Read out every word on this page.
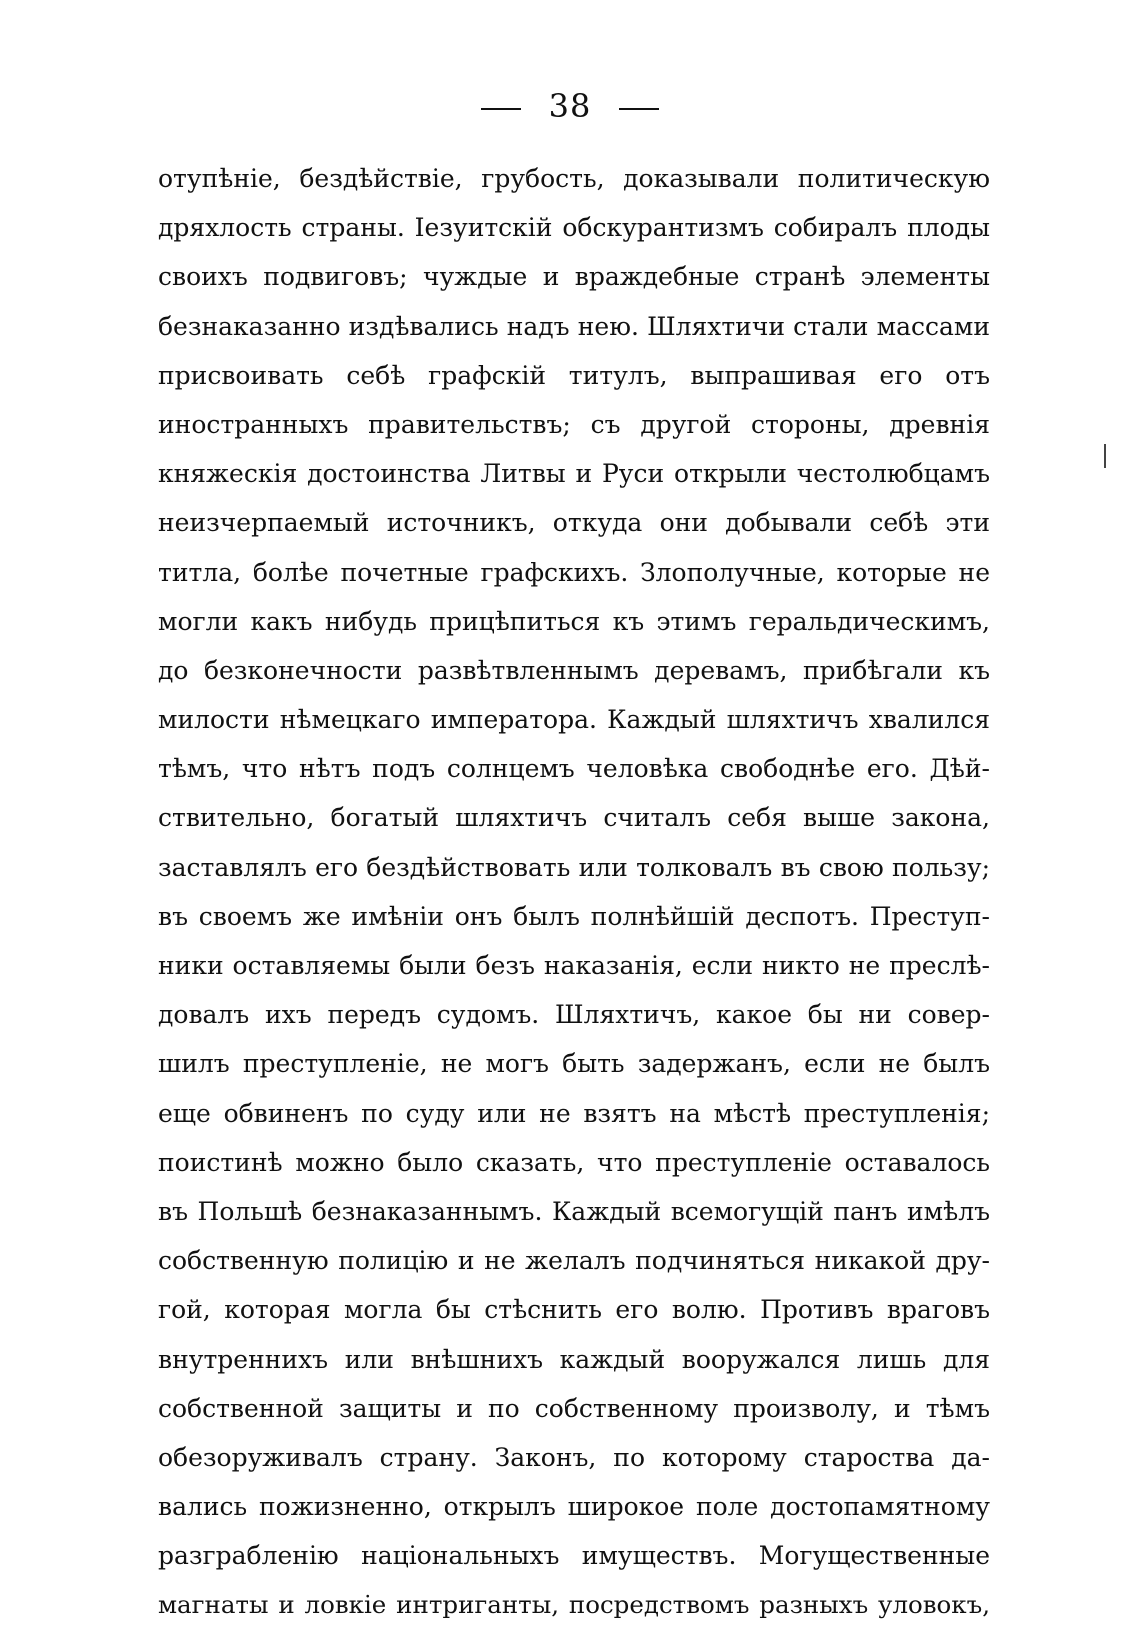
38
отупѣніе, бездѣйствіе, грубость, доказывали политическую
дряхлость страны. Іезуитскій обскурантизмъ собиралъ плоды
своихъ подвиговъ; чуждые и враждебные странѣ элементы
безнаказанно издѣвались надъ нею. Шляхтичи стали массами
присвоивать себѣ графскій титулъ, выпрашивая его отъ
иностранныхъ правительствъ; съ другой стороны, древнія
княжескія достоинства Литвы и Руси открыли честолюбцамъ
неизчерпаемый источникъ, откуда они добывали себѣ эти
титла, болѣе почетные графскихъ. Злополучные, которые не
могли какъ нибудь прицѣпиться къ этимъ геральдическимъ,
до безконечности развѣтвленнымъ деревамъ, прибѣгали къ
милости нѣмецкаго императора. Каждый шляхтичъ хвалился
тѣмъ, что нѣтъ подъ солнцемъ человѣка свободнѣе его. Дѣй-
ствительно, богатый шляхтичъ считалъ себя выше закона,
заставлялъ его бездѣйствовать или толковалъ въ свою пользу;
въ своемъ же имѣніи онъ былъ полнѣйшій деспотъ. Преступ-
ники оставляемы были безъ наказанія, если никто не преслѣ-
довалъ ихъ передъ судомъ. Шляхтичъ, какое бы ни совер-
шилъ преступленіе, не могъ быть задержанъ, если не былъ
еще обвиненъ по суду или не взятъ на мѣстѣ преступленія;
поистинѣ можно было сказать, что преступленіе оставалось
въ Польшѣ безнаказаннымъ. Каждый всемогущій панъ имѣлъ
собственную полицію и не желалъ подчиняться никакой дру-
гой, которая могла бы стѣснить его волю. Противъ враговъ
внутреннихъ или внѣшнихъ каждый вооружался лишь для
собственной защиты и по собственному произволу, и тѣмъ
обезоруживалъ страну. Законъ, по которому староства да-
вались пожизненно, открылъ широкое поле достопамятному
разграбленію національныхъ имуществъ. Могущественные
магнаты и ловкіе интриганты, посредствомъ разныхъ уловокъ,
